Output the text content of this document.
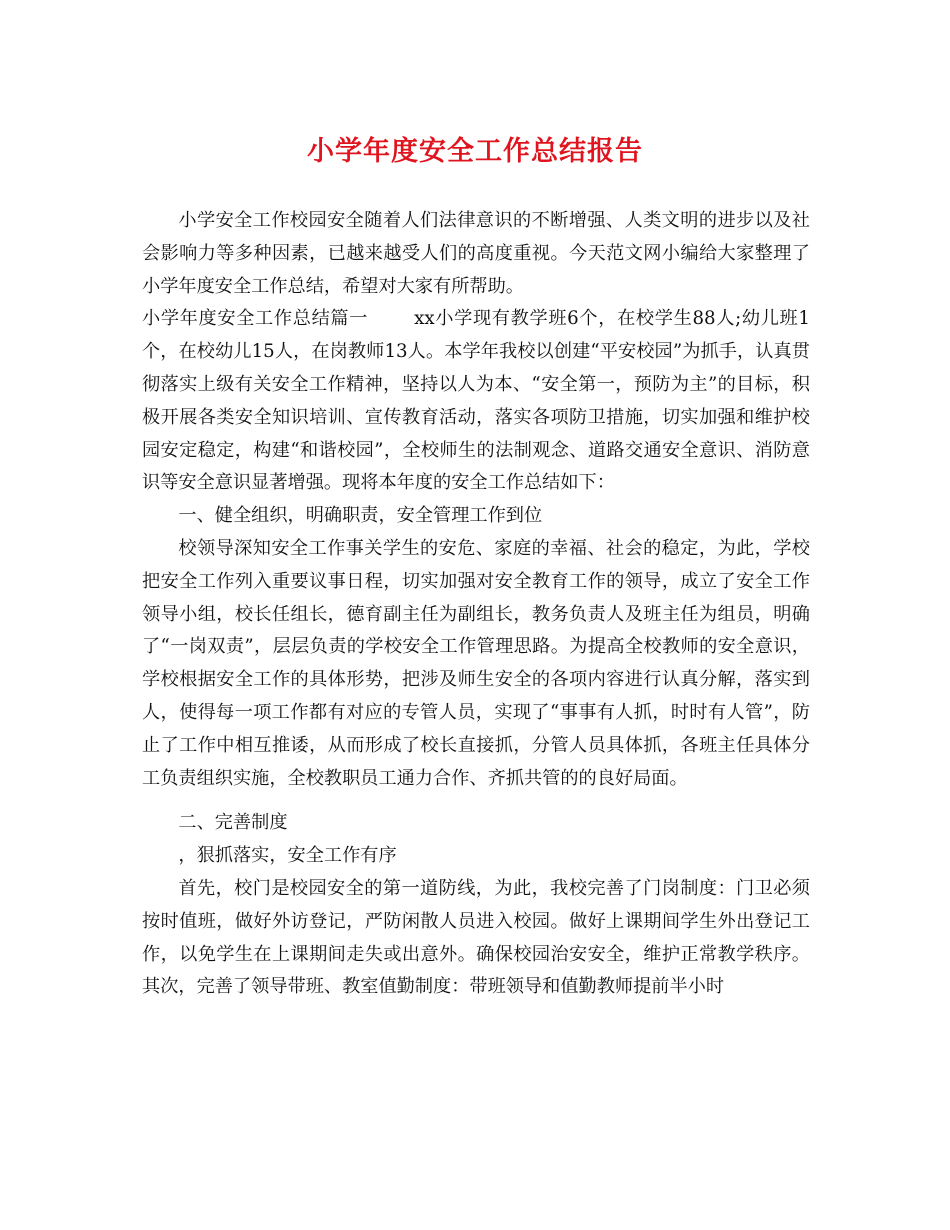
小学年度安全工作总结报告

小学安全工作校园安全随着人们法律意识的不断增强、人类文明的进步以及社会影响力等多种因素，已越来越受人们的高度重视。今天范文网小编给大家整理了小学年度安全工作总结，希望对大家有所帮助。

小学年度安全工作总结篇一	xx小学现有教学班6个，在校学生88人;幼儿班1个，在校幼儿15人，在岗教师13人。本学年我校以创建“平安校园”为抓手，认真贯彻落实上级有关安全工作精神，坚持以人为本、“安全第一，预防为主”的目标，积极开展各类安全知识培训、宣传教育活动，落实各项防卫措施，切实加强和维护校园安定稳定，构建“和谐校园”，全校师生的法制观念、道路交通安全意识、消防意识等安全意识显著增强。现将本年度的安全工作总结如下：

一、健全组织，明确职责，安全管理工作到位

校领导深知安全工作事关学生的安危、家庭的幸福、社会的稳定，为此，学校把安全工作列入重要议事日程，切实加强对安全教育工作的领导，成立了安全工作领导小组，校长任组长，德育副主任为副组长，教务负责人及班主任为组员，明确了“一岗双责”，层层负责的学校安全工作管理思路。为提高全校教师的安全意识，学校根据安全工作的具体形势，把涉及师生安全的各项内容进行认真分解，落实到人，使得每一项工作都有对应的专管人员，实现了“事事有人抓，时时有人管”，防止了工作中相互推诿，从而形成了校长直接抓，分管人员具体抓，各班主任具体分工负责组织实施，全校教职员工通力合作、齐抓共管的的良好局面。

二、完善制度

，狠抓落实，安全工作有序

首先，校门是校园安全的第一道防线，为此，我校完善了门岗制度：门卫必须按时值班，做好外访登记，严防闲散人员进入校园。做好上课期间学生外出登记工作，以免学生在上课期间走失或出意外。确保校园治安安全，维护正常教学秩序。其次，完善了领导带班、教室值勤制度：带班领导和值勤教师提前半小时
